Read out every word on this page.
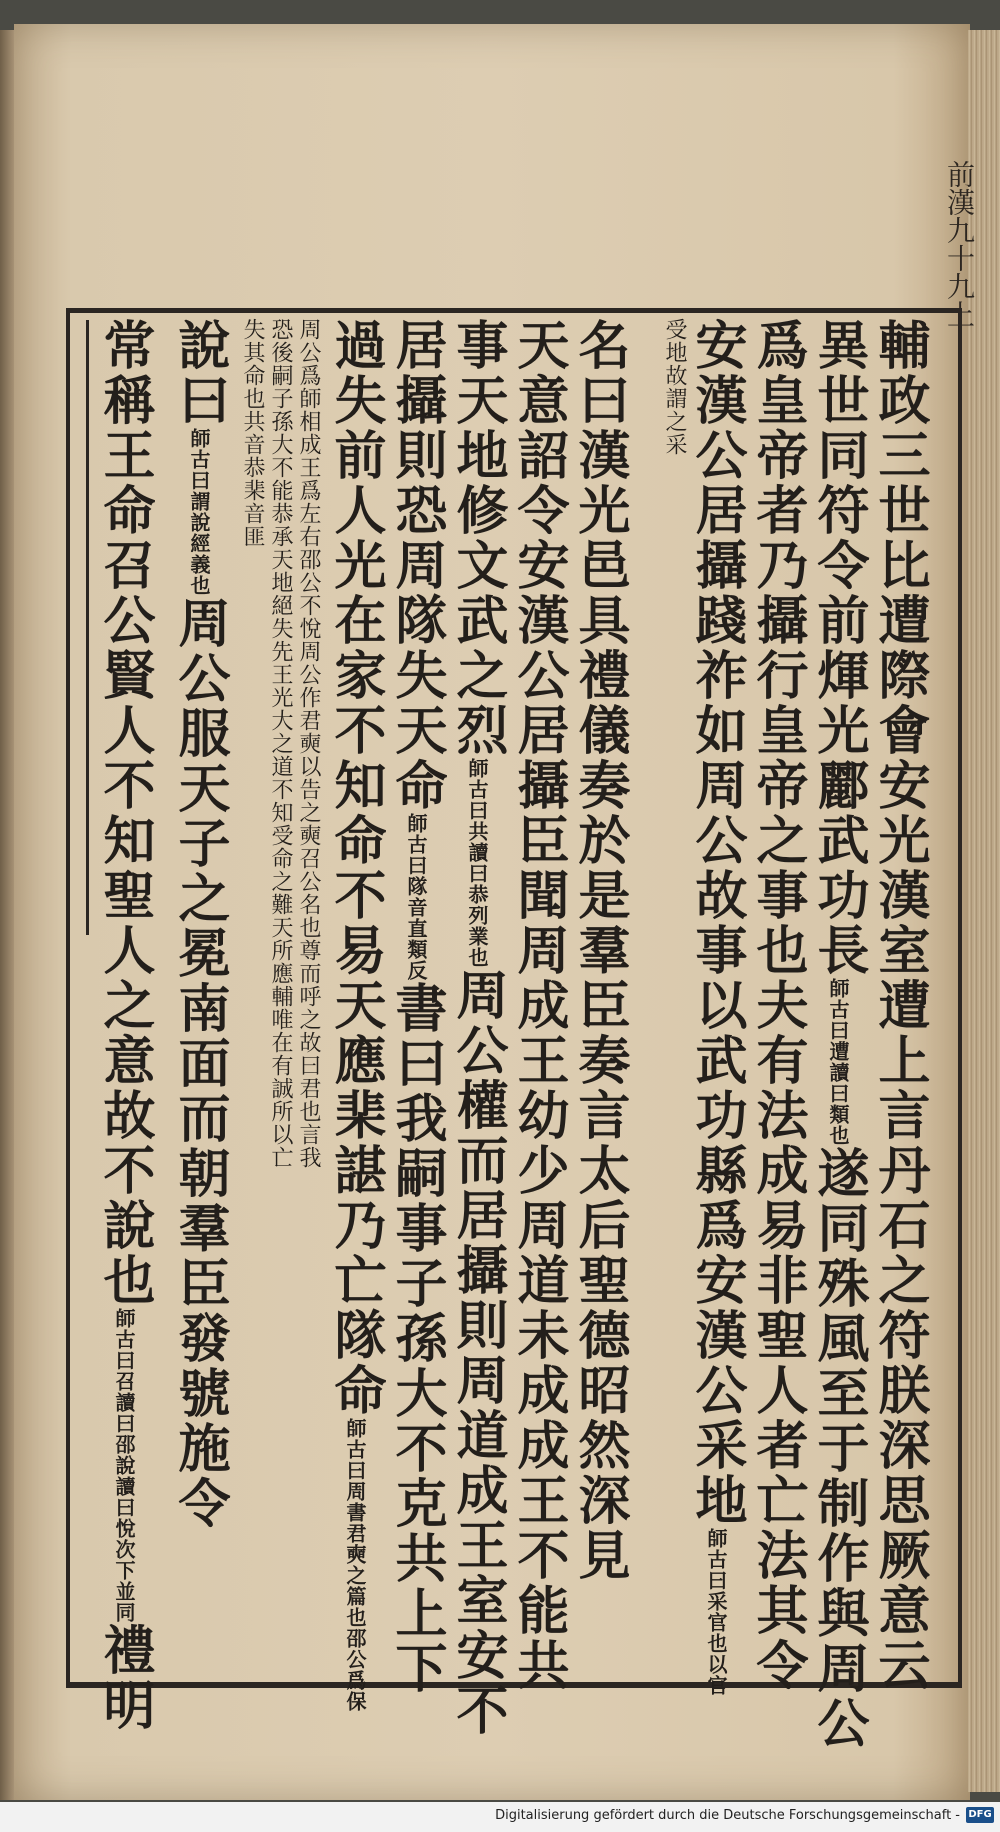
前漢九十九上
輔政三世比遭際會安光漢室遭上言丹石之符朕深思厥意云
異世同符令前煇光酈武功長師古曰遭讀曰類也遂同殊風至于制作與周公
爲皇帝者乃攝行皇帝之事也夫有法成易非聖人者亡法其令
安漢公居攝踐祚如周公故事以武功縣爲安漢公采地師古曰采官也以官
受地故謂之采
名曰漢光邑具禮儀奏於是羣臣奏言太后聖德昭然深見
天意詔令安漢公居攝臣聞周成王幼少周道未成成王不能共
事天地修文武之烈師古曰共讀曰恭列業也周公權而居攝則周道成王室安不
居攝則恐周隊失天命師古曰隊音直類反書曰我嗣事子孫大不克共上下
過失前人光在家不知命不易天應棐諶乃亡隊命師古曰周書君奭之篇也邵公爲保
周公爲師相成王爲左右邵公不悅周公作君奭以告之奭召公名也尊而呼之故曰君也言我
恐後嗣子孫大不能恭承天地絕失先王光大之道不知受命之難天所應輔唯在有誠所以亡
失其命也共音恭棐音匪
說曰師古曰謂說經義也周公服天子之冕南面而朝羣臣發號施令
常稱王命召公賢人不知聖人之意故不說也師古曰召讀曰邵說讀曰悅次下並同禮明
Digitalisierung gefördert durch die Deutsche Forschungsgemeinschaft - DFG
